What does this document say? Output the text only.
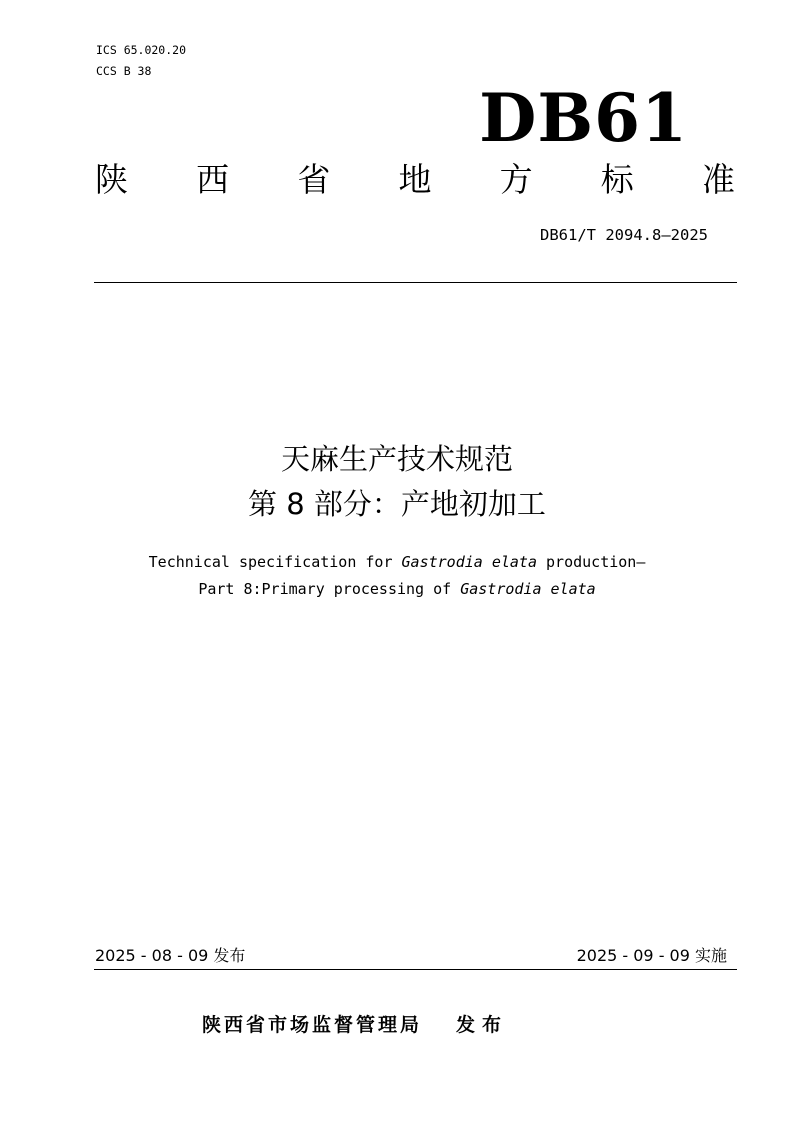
ICS 65.020.20
CCS B 38
DB61
陕 西 省 地 方 标 准
DB61/T 2094.8—2025
天麻生产技术规范
第 8 部分：产地初加工
Technical specification for Gastrodia elata production—
Part 8:Primary processing of Gastrodia elata
2025 - 08 - 09 发布	2025 - 09 - 09 实施
陕西省市场监督管理局 发布
